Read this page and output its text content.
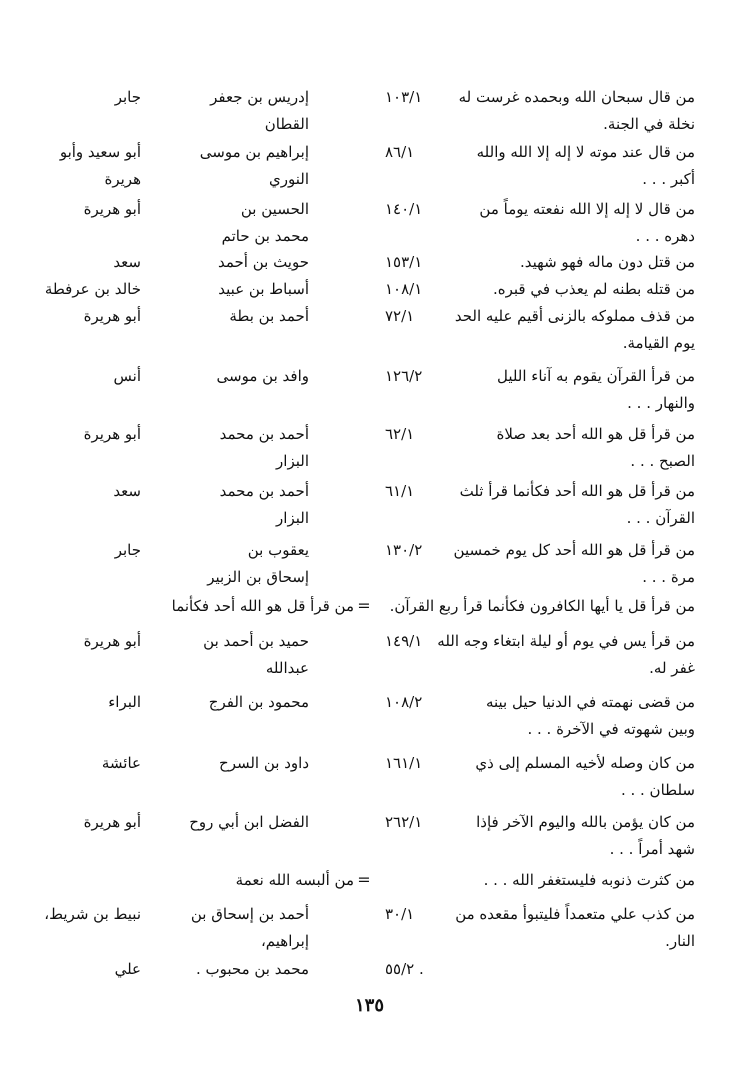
من قال سبحان الله وبحمده غرست له
١٠٣/١
إدريس بن جعفر
جابر
نخلة في الجنة.
القطان
من قال عند موته لا إله إلا الله والله
٨٦/١
إبراهيم بن موسى
أبو سعيد وأبو
أكبر . . .
النوري
هريرة
من قال لا إله إلا الله نفعته يوماً من
١٤٠/١
الحسين بن
أبو هريرة
دهره . . .
محمد بن حاتم
من قتل دون ماله فهو شهيد.
١٥٣/١
حويث بن أحمد
سعد
من قتله بطنه لم يعذب في قبره.
١٠٨/١
أسباط بن عبيد
خالد بن عرفطة
من قذف مملوكه بالزنى أقيم عليه الحد
٧٢/١
أحمد بن بطة
أبو هريرة
يوم القيامة.
من قرأ القرآن يقوم به آناء الليل
١٢٦/٢
وافد بن موسى
أنس
والنهار . . .
من قرأ قل هو الله أحد بعد صلاة
٦٢/١
أحمد بن محمد
أبو هريرة
الصبح . . .
البزار
من قرأ قل هو الله أحد فكأنما قرأ ثلث
٦١/١
أحمد بن محمد
سعد
القرآن . . .
البزار
من قرأ قل هو الله أحد كل يوم خمسين
١٣٠/٢
يعقوب بن
جابر
مرة . . .
إسحاق بن الزبير
من قرأ قل يا أيها الكافرون فكأنما قرأ ربع القرآن.
=
من قرأ قل هو الله أحد فكأنما
من قرأ يس في يوم أو ليلة ابتغاء وجه الله
١٤٩/١
حميد بن أحمد بن
أبو هريرة
غفر له.
عبدالله
من قضى نهمته في الدنيا حيل بينه
١٠٨/٢
محمود بن الفرج
البراء
وبين شهوته في الآخرة . . .
من كان وصله لأخيه المسلم إلى ذي
١٦١/١
داود بن السرح
عائشة
سلطان . . .
من كان يؤمن بالله واليوم الآخر فإذا
٢٦٢/١
الفضل ابن أبي روح
أبو هريرة
شهد أمراً . . .
من كثرت ذنوبه فليستغفر الله . . .
=
من ألبسه الله نعمة
من كذب علي متعمداً فليتبوأ مقعده من
٣٠/١
أحمد بن إسحاق بن
نبيط بن شريط،
النار.
إبراهيم،
٥٥/٢ .
محمد بن محبوب .
علي
١٣٥
